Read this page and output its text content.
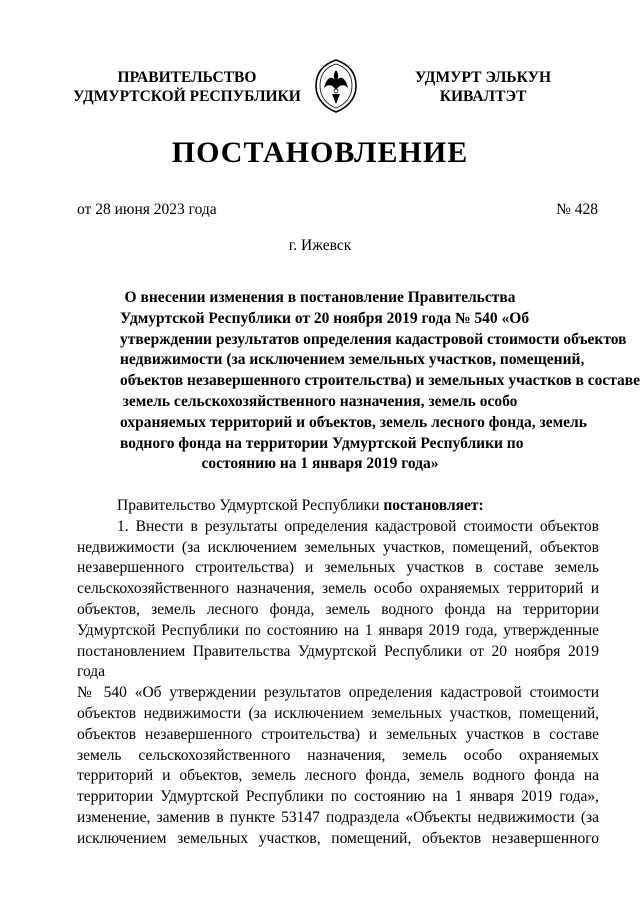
ПРАВИТЕЛЬСТВО
УДМУРТСКОЙ РЕСПУБЛИКИ
УДМУРТ ЭЛЬКУН
КИВАЛТЭТ
ПОСТАНОВЛЕНИЕ
от 28 июня 2023 года	№ 428
г. Ижевск
О внесении изменения в постановление Правительства
Удмуртской Республики от 20 ноября 2019 года № 540 «Об
утверждении результатов определения кадастровой стоимости объектов
недвижимости (за исключением земельных участков, помещений,
объектов незавершенного строительства) и земельных участков в составе
земель сельскохозяйственного назначения, земель особо
охраняемых территорий и объектов, земель лесного фонда, земель
водного фонда на территории Удмуртской Республики по
состоянию на 1 января 2019 года»

Правительство Удмуртской Республики постановляет:

1. Внести в результаты определения кадастровой стоимости объектов
недвижимости (за исключением земельных участков, помещений, объектов
незавершенного строительства) и земельных участков в составе земель
сельскохозяйственного назначения, земель особо охраняемых территорий и
объектов, земель лесного фонда, земель водного фонда на территории
Удмуртской Республики по состоянию на 1 января 2019 года, утвержденные
постановлением Правительства Удмуртской Республики от 20 ноября 2019 года
№ 540 «Об утверждении результатов определения кадастровой стоимости
объектов недвижимости (за исключением земельных участков, помещений,
объектов незавершенного строительства) и земельных участков в составе
земель сельскохозяйственного назначения, земель особо охраняемых
территорий и объектов, земель лесного фонда, земель водного фонда на
территории Удмуртской Республики по состоянию на 1 января 2019 года»,
изменение, заменив в пункте 53147 подраздела «Объекты недвижимости (за
исключением земельных участков, помещений, объектов незавершенного
